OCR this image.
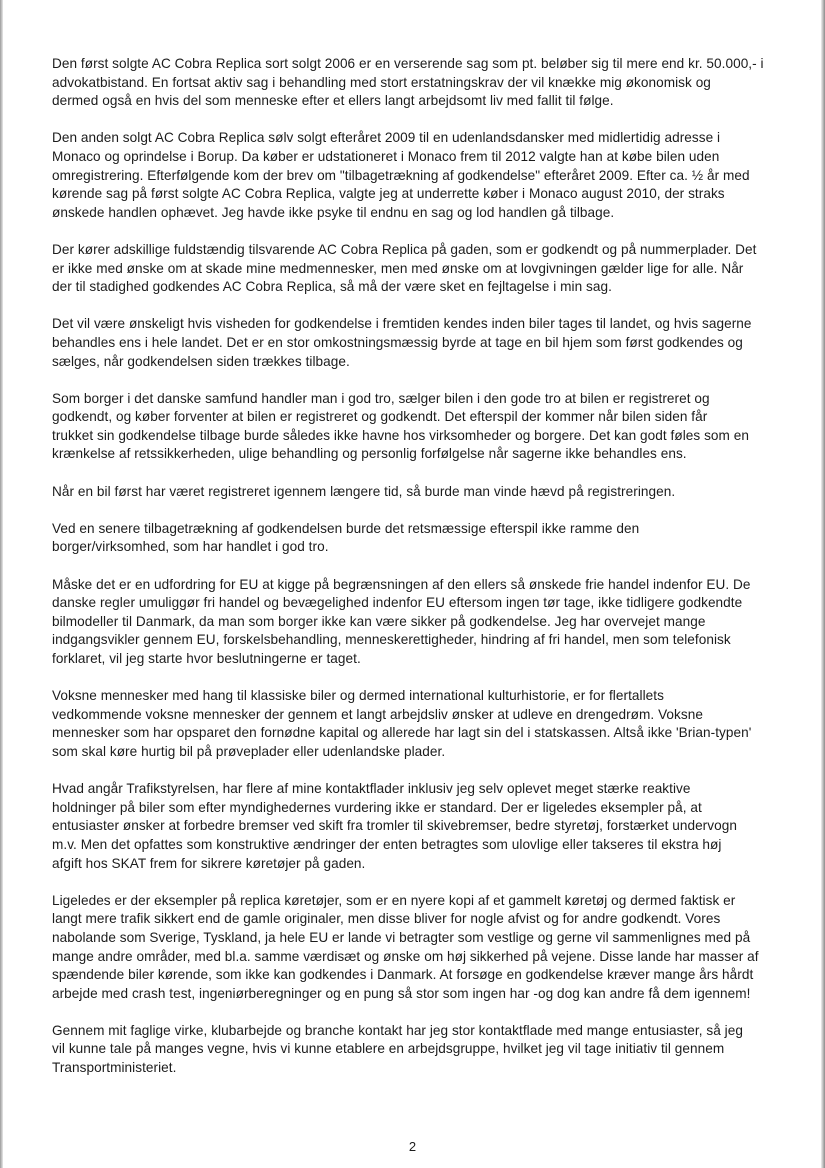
Den først solgte AC Cobra Replica sort solgt 2006 er en verserende sag som pt. beløber sig til mere end kr. 50.000,- i
advokatbistand. En fortsat aktiv sag i behandling med stort erstatningskrav der vil knække mig økonomisk og
dermed også en hvis del som menneske efter et ellers langt arbejdsomt liv med fallit til følge.

Den anden solgt AC Cobra Replica sølv solgt efteråret 2009 til en udenlandsdansker med midlertidig adresse i
Monaco og oprindelse i Borup. Da køber er udstationeret i Monaco frem til 2012 valgte han at købe bilen uden
omregistrering. Efterfølgende kom der brev om "tilbagetrækning af godkendelse" efteråret 2009. Efter ca. ½ år med
kørende sag på først solgte AC Cobra Replica, valgte jeg at underrette køber i Monaco august 2010, der straks
ønskede handlen ophævet. Jeg havde ikke psyke til endnu en sag og lod handlen gå tilbage.

Der kører adskillige fuldstændig tilsvarende AC Cobra Replica på gaden, som er godkendt og på nummerplader. Det
er ikke med ønske om at skade mine medmennesker, men med ønske om at lovgivningen gælder lige for alle. Når
der til stadighed godkendes AC Cobra Replica, så må der være sket en fejltagelse i min sag.

Det vil være ønskeligt hvis visheden for godkendelse i fremtiden kendes inden biler tages til landet, og hvis sagerne
behandles ens i hele landet. Det er en stor omkostningsmæssig byrde at tage en bil hjem som først godkendes og
sælges, når godkendelsen siden trækkes tilbage.

Som borger i det danske samfund handler man i god tro, sælger bilen i den gode tro at bilen er registreret og
godkendt, og køber forventer at bilen er registreret og godkendt. Det efterspil der kommer når bilen siden får
trukket sin godkendelse tilbage burde således ikke havne hos virksomheder og borgere. Det kan godt føles som en
krænkelse af retssikkerheden, ulige behandling og personlig forfølgelse når sagerne ikke behandles ens.

Når en bil først har været registreret igennem længere tid, så burde man vinde hævd på registreringen.

Ved en senere tilbagetrækning af godkendelsen burde det retsmæssige efterspil ikke ramme den
borger/virksomhed, som har handlet i god tro.

Måske det er en udfordring for EU at kigge på begrænsningen af den ellers så ønskede frie handel indenfor EU. De
danske regler umuliggør fri handel og bevægelighed indenfor EU eftersom ingen tør tage, ikke tidligere godkendte
bilmodeller til Danmark, da man som borger ikke kan være sikker på godkendelse. Jeg har overvejet mange
indgangsvikler gennem EU, forskelsbehandling, menneskerettigheder, hindring af fri handel, men som telefonisk
forklaret, vil jeg starte hvor beslutningerne er taget.

Voksne mennesker med hang til klassiske biler og dermed international kulturhistorie, er for flertallets
vedkommende voksne mennesker der gennem et langt arbejdsliv ønsker at udleve en drengedrøm. Voksne
mennesker som har opsparet den fornødne kapital og allerede har lagt sin del i statskassen. Altså ikke 'Brian-typen'
som skal køre hurtig bil på prøveplader eller udenlandske plader.

Hvad angår Trafikstyrelsen, har flere af mine kontaktflader inklusiv jeg selv oplevet meget stærke reaktive
holdninger på biler som efter myndighedernes vurdering ikke er standard. Der er ligeledes eksempler på, at
entusiaster ønsker at forbedre bremser ved skift fra tromler til skivebremser, bedre styretøj, forstærket undervogn
m.v. Men det opfattes som konstruktive ændringer der enten betragtes som ulovlige eller takseres til ekstra høj
afgift hos SKAT frem for sikrere køretøjer på gaden.

Ligeledes er der eksempler på replica køretøjer, som er en nyere kopi af et gammelt køretøj og dermed faktisk er
langt mere trafik sikkert end de gamle originaler, men disse bliver for nogle afvist og for andre godkendt. Vores
nabolande som Sverige, Tyskland, ja hele EU er lande vi betragter som vestlige og gerne vil sammenlignes med på
mange andre områder, med bl.a. samme værdisæt og ønske om høj sikkerhed på vejene. Disse lande har masser af
spændende biler kørende, som ikke kan godkendes i Danmark. At forsøge en godkendelse kræver mange års hårdt
arbejde med crash test, ingeniørberegninger og en pung så stor som ingen har -og dog kan andre få dem igennem!

Gennem mit faglige virke, klubarbejde og branche kontakt har jeg stor kontaktflade med mange entusiaster, så jeg
vil kunne tale på manges vegne, hvis vi kunne etablere en arbejdsgruppe, hvilket jeg vil tage initiativ til gennem
Transportministeriet.

2
